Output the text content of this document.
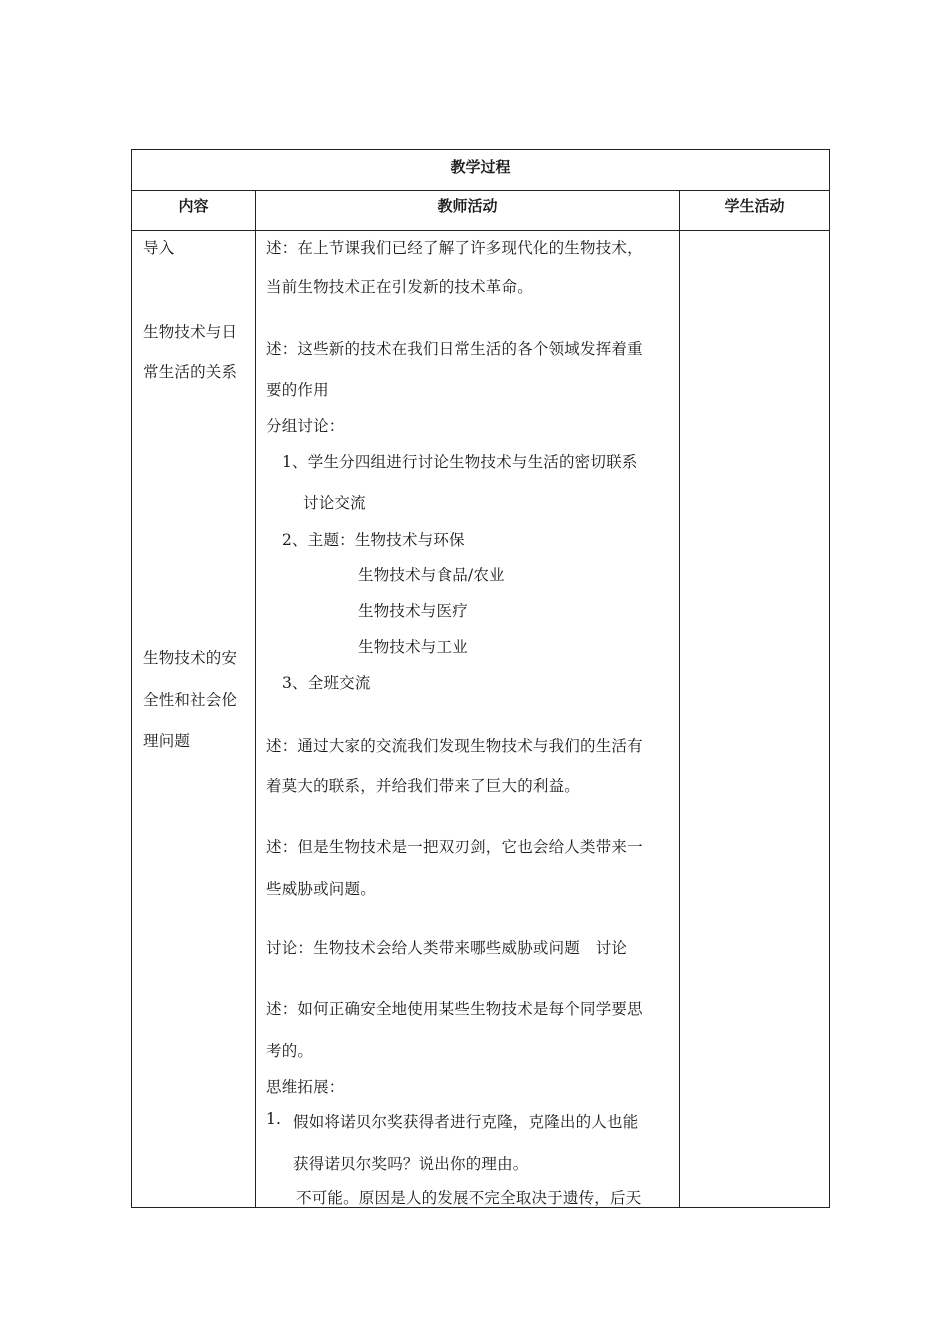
教学过程
内容	教师活动	学生活动
导入
生物技术与日
常生活的关系
生物技术的安
全性和社会伦
理问题
述：在上节课我们已经了解了许多现代化的生物技术，
当前生物技术正在引发新的技术革命。
述：这些新的技术在我们日常生活的各个领域发挥着重
要的作用
分组讨论：
1、学生分四组进行讨论生物技术与生活的密切联系
讨论交流
2、主题：生物技术与环保
生物技术与食品/农业
生物技术与医疗
生物技术与工业
3、全班交流
述：通过大家的交流我们发现生物技术与我们的生活有
着莫大的联系，并给我们带来了巨大的利益。
述：但是生物技术是一把双刃剑，它也会给人类带来一
些威胁或问题。
讨论：生物技术会给人类带来哪些威胁或问题　讨论
述：如何正确安全地使用某些生物技术是每个同学要思
考的。
思维拓展：
1. 假如将诺贝尔奖获得者进行克隆，克隆出的人也能
获得诺贝尔奖吗？说出你的理由。
不可能。原因是人的发展不完全取决于遗传，后天
